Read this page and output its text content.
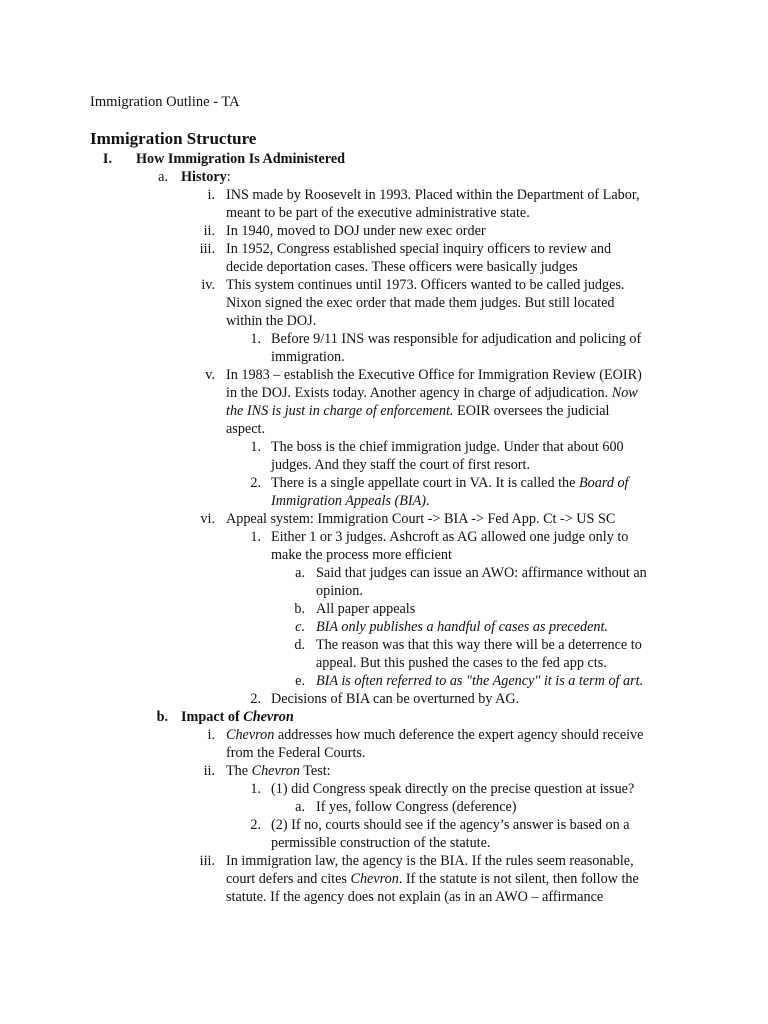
Immigration Outline - TA
Immigration Structure
I. How Immigration Is Administered
a. History:
i. INS made by Roosevelt in 1993. Placed within the Department of Labor,
meant to be part of the executive administrative state.
ii. In 1940, moved to DOJ under new exec order
iii. In 1952, Congress established special inquiry officers to review and
decide deportation cases. These officers were basically judges
iv. This system continues until 1973. Officers wanted to be called judges.
Nixon signed the exec order that made them judges. But still located
within the DOJ.
1. Before 9/11 INS was responsible for adjudication and policing of
immigration.
v. In 1983 – establish the Executive Office for Immigration Review (EOIR)
in the DOJ. Exists today. Another agency in charge of adjudication. Now
the INS is just in charge of enforcement. EOIR oversees the judicial
aspect.
1. The boss is the chief immigration judge. Under that about 600
judges. And they staff the court of first resort.
2. There is a single appellate court in VA. It is called the Board of
Immigration Appeals (BIA).
vi. Appeal system: Immigration Court -> BIA -> Fed App. Ct -> US SC
1. Either 1 or 3 judges. Ashcroft as AG allowed one judge only to
make the process more efficient
a. Said that judges can issue an AWO: affirmance without an
opinion.
b. All paper appeals
c. BIA only publishes a handful of cases as precedent.
d. The reason was that this way there will be a deterrence to
appeal. But this pushed the cases to the fed app cts.
e. BIA is often referred to as "the Agency" it is a term of art.
2. Decisions of BIA can be overturned by AG.
b. Impact of Chevron
i. Chevron addresses how much deference the expert agency should receive
from the Federal Courts.
ii. The Chevron Test:
1. (1) did Congress speak directly on the precise question at issue?
a. If yes, follow Congress (deference)
2. (2) If no, courts should see if the agency’s answer is based on a
permissible construction of the statute.
iii. In immigration law, the agency is the BIA. If the rules seem reasonable,
court defers and cites Chevron. If the statute is not silent, then follow the
statute. If the agency does not explain (as in an AWO – affirmance
